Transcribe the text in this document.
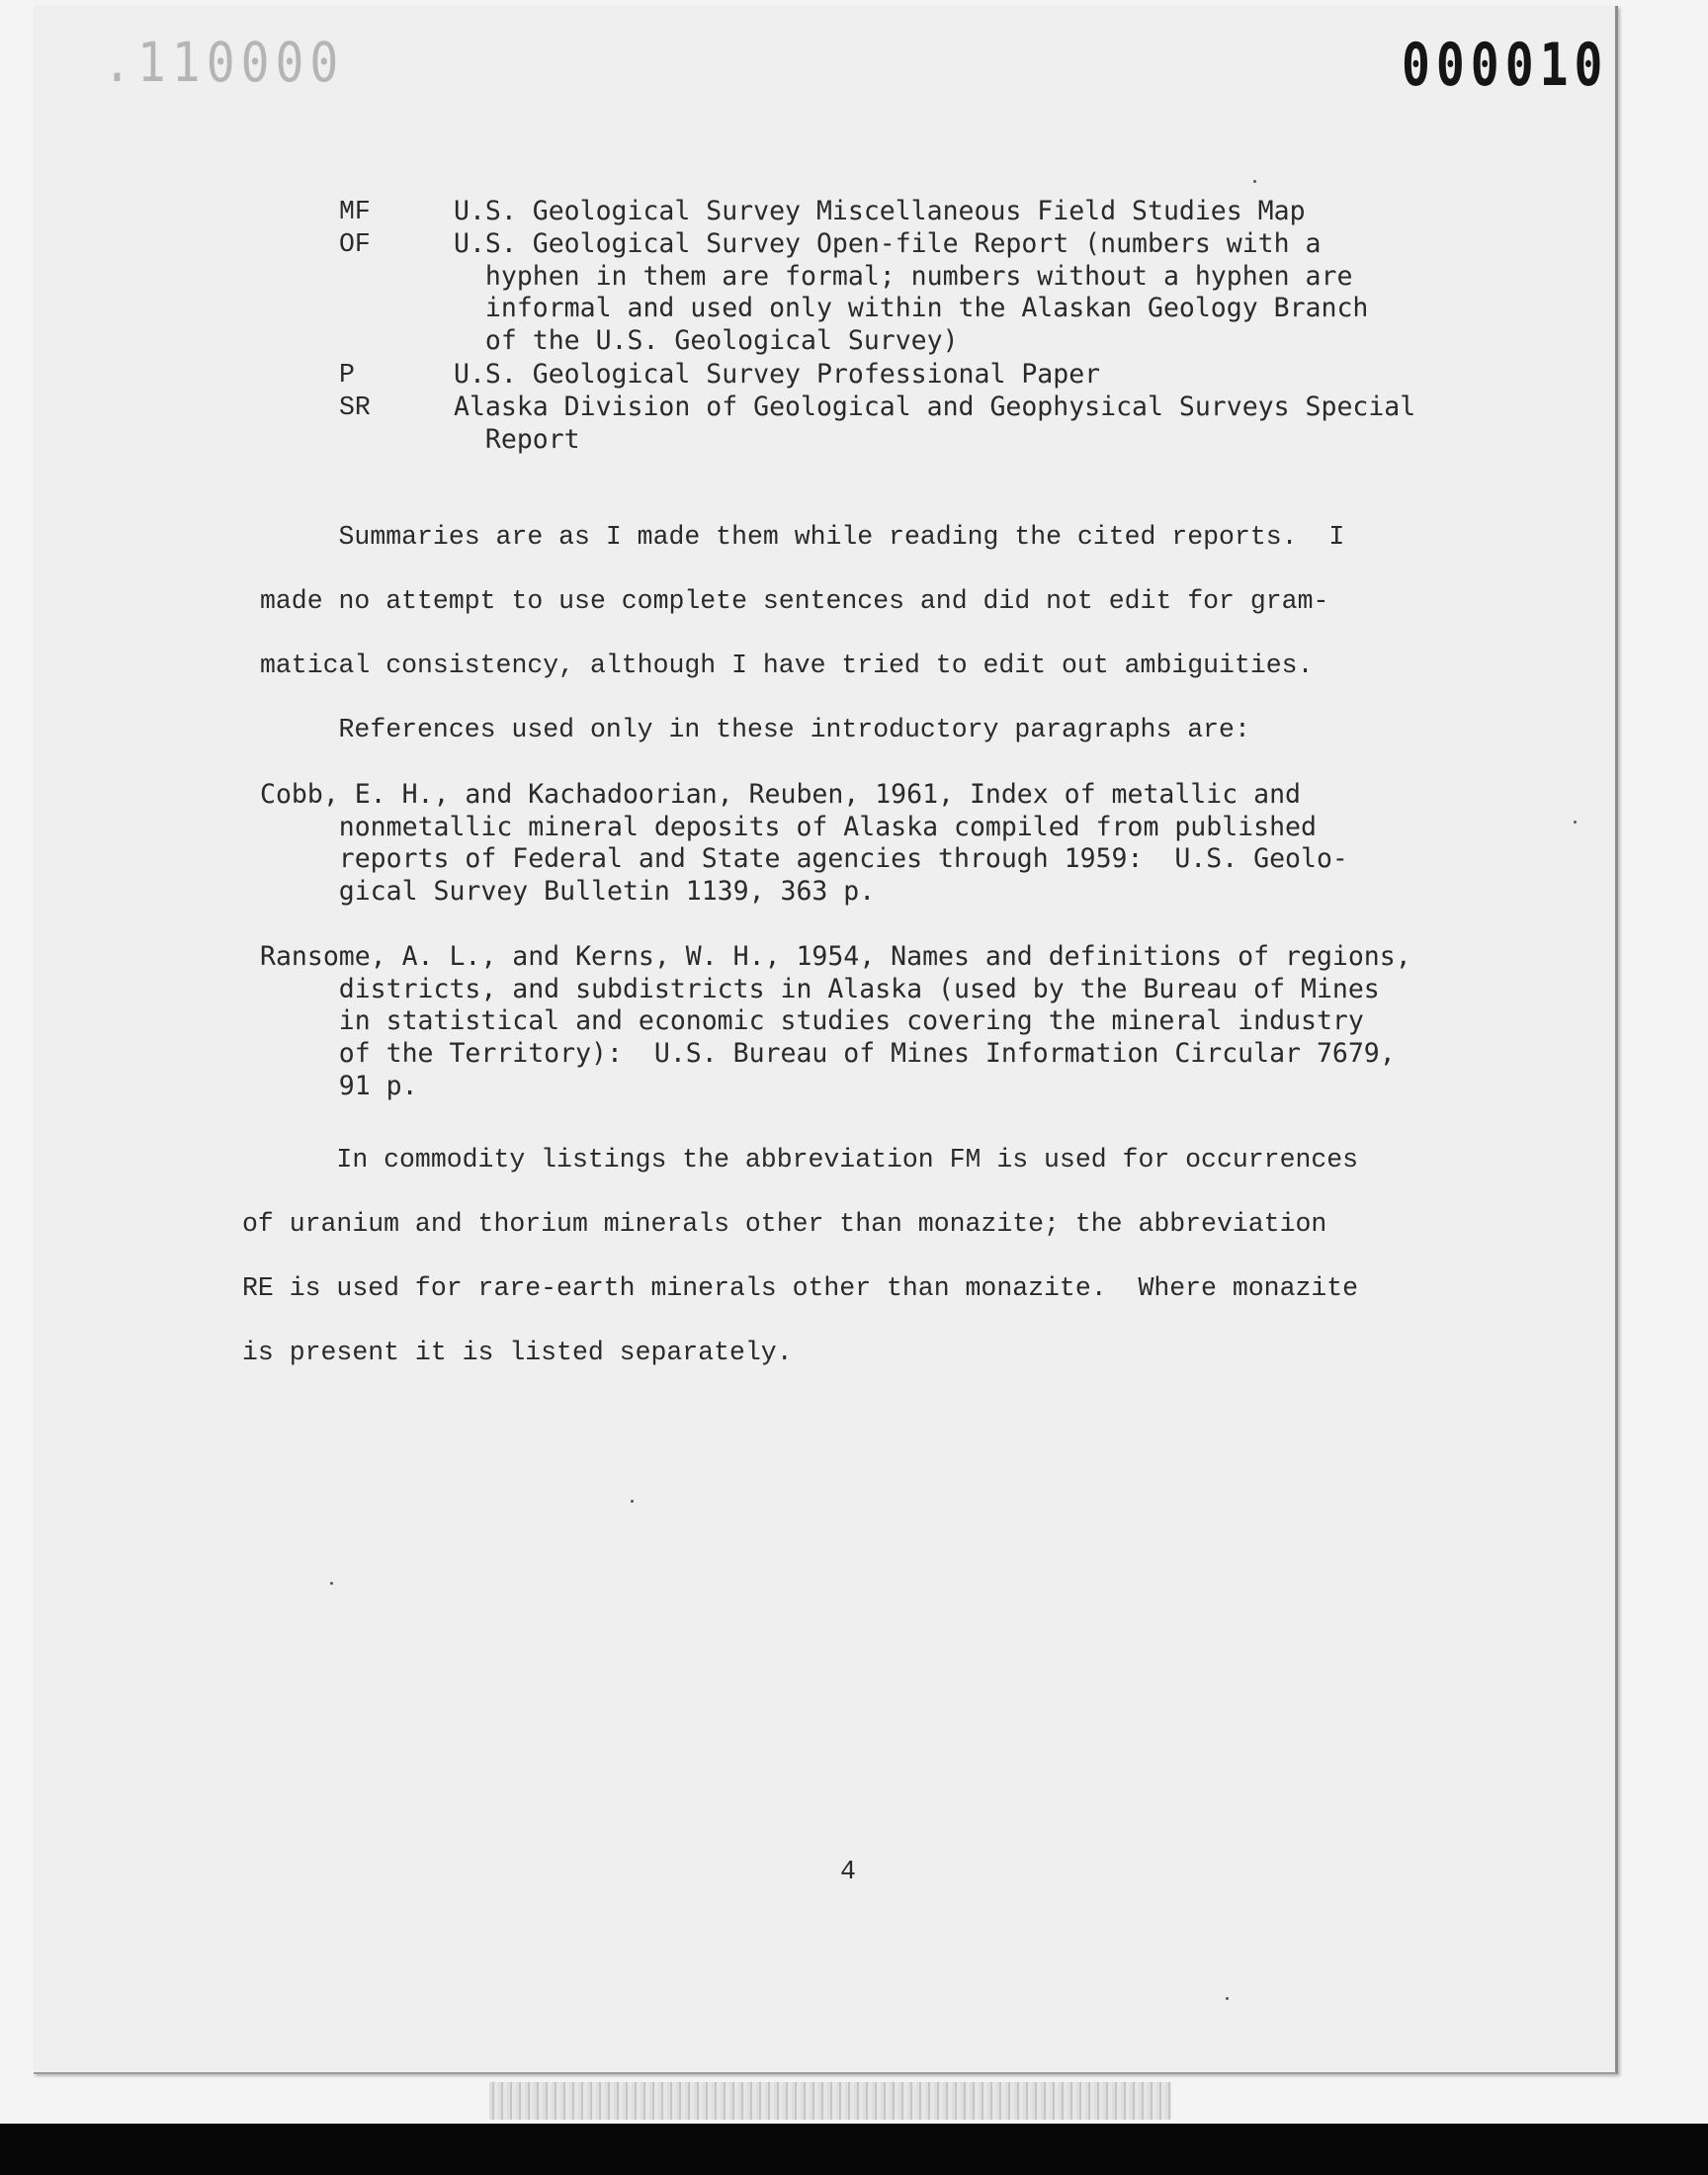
.110000	000010
MF	U.S. Geological Survey Miscellaneous Field Studies Map
OF	U.S. Geological Survey Open-file Report (numbers with a
hyphen in them are formal; numbers without a hyphen are
informal and used only within the Alaskan Geology Branch
of the U.S. Geological Survey)
P	U.S. Geological Survey Professional Paper
SR	Alaska Division of Geological and Geophysical Surveys Special
Report
Summaries are as I made them while reading the cited reports.  I
made no attempt to use complete sentences and did not edit for gram-
matical consistency, although I have tried to edit out ambiguities.
References used only in these introductory paragraphs are:
Cobb, E. H., and Kachadoorian, Reuben, 1961, Index of metallic and
nonmetallic mineral deposits of Alaska compiled from published
reports of Federal and State agencies through 1959:  U.S. Geolo-
gical Survey Bulletin 1139, 363 p.
Ransome, A. L., and Kerns, W. H., 1954, Names and definitions of regions,
districts, and subdistricts in Alaska (used by the Bureau of Mines
in statistical and economic studies covering the mineral industry
of the Territory):  U.S. Bureau of Mines Information Circular 7679,
91 p.
In commodity listings the abbreviation FM is used for occurrences
of uranium and thorium minerals other than monazite; the abbreviation
RE is used for rare-earth minerals other than monazite.  Where monazite
is present it is listed separately.
4
